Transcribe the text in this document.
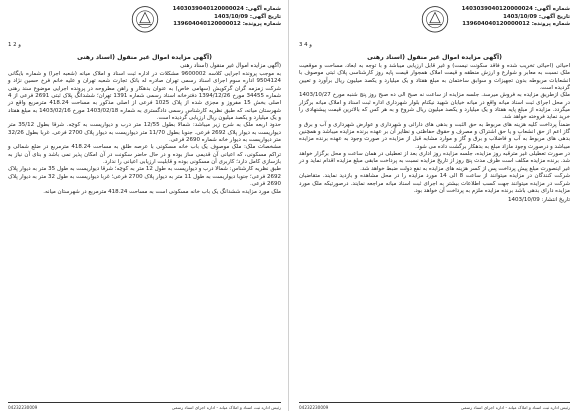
شماره آگهی: 1403039040120000024
تاریخ آگهی: 1403/10/09
شماره پرونده: 139604040120000012
3 و 4
(آگهی مزایده اموال غیر منقول (اسناد رهنی

احیائی (احیائی تخریب شده و فاقد سکونت نیست) و غیر قابل ارزیابی میباشد و با توجه به ابعاد، مساحت و موقعیت ملک نسبت به معابر و شوارع و ارزش منطقه و قیمت املاک همجوار قیمت پایه روز کارشناسی پلاک ثبتی موصوف با انشعابات مربوطه بدون تجهیزات و سوابق ساختمان به مبلغ هفتاد و یک میلیارد و یکصد میلیون ریال برآورد و تعیین گردیده است.

ملک ازطریق مزایده به فروش میرسد. جلسه مزایده از ساعت نه صبح الی ده صبح روز پنج شنبه مورخ 1403/10/27 در محل اجرای ثبت اسناد میانه واقع در میانه خیابان شهید نیکنام بلوار شهرداری اداره ثبت اسناد و املاک میانه برگزار میگردد. مزایده از مبلغ پایه هفتاد و یک میلیارد و یکصد میلیون ریال شروع و به هر کس که بالاترین قیمت پیشنهادی را خرید نماید فروخته خواهد شد.

ضمناً پرداخت کلیه هزینه های مربوط به حق الثبت و بدهی های دارائی و شهرداری و عوارض شهرداری و آب و برق و گاز اعم از حق انشعاب و یا حق اشتراک و مصرف و حقوق حفاظتی و نظایر آن بر عهده برنده مزایده میباشد و همچنین بدهی های مربوط به آب و فاضلاب و برق و گاز و موارد مشابه قبل از مزایده در صورت وجود به عهده برنده مزایده میباشد و درصورت وجود مازاد مبلغ به بدهکار برگشت داده می شود.

در صورت تعطیلی غیر مترقبه روز مزایده، جلسه مزایده روز اداری بعد از تعطیلی در همان ساعت و محل برگزار خواهد شد. برنده مزایده مکلف است ظرف مدت پنج روز از تاریخ مزایده نسبت به پرداخت مابقی مبلغ مزایده اقدام نماید و در غیر اینصورت مبلغ پیش پرداخت پس از کسر هزینه های مزایده به نفع دولت ضبط خواهد شد.

شرکت کنندگان در مزایده میتوانند از ساعت 8 الی 14 مورد مزایده را در محل مشاهده و بازدید نمایند. متقاضیان شرکت در مزایده میتوانند جهت کسب اطلاعات بیشتر به اجرای ثبت اسناد میانه مراجعه نمایند. درصورتیکه ملک مورد مزایده دارای بدهی باشد برنده مزایده ملزم به پرداخت آن خواهد بود.

تاریخ انتشار: 1403/10/09
رئیس اداره ثبت اسناد و املاک میانه - اداره اجرای اسناد رسمی
04232230009
شماره آگهی: 1403039040120000024
تاریخ آگهی: 1403/10/09
شماره پرونده: 139604040120000012
1 و 2
(آگهی مزایده اموال غیر منقول (اسناد رهنی
(آگهی مزایده اموال غیر منقول (اسناد رهنی

به موجب پرونده اجرایی کلاسه 9600002 مشکلات در اداره ثبت اسناد و املاک میانه (شعبه اجرا) و شماره بایگانی 9504124 اداره سوم اجرای اسناد رسمی تهران صادره له بانک تجارت شعبه تهران و علیه خانم فرخ حسین نژاد و شرکت زمزمه گران گرکویش (سهامی خاص) به عنوان بدهکار و راهن مطروحه در پرونده اجرایی موضوع سند رهنی شماره 34455 مورخ 1394/12/26 دفترخانه اسناد رسمی شماره 1391 تهران؛ ششدانگ پلاک ثبتی 2691 فرعی از 4 اصلی بخش 15 مفروز و مجزی شده از پلاک 1025 فرعی از اصلی مذکور به مساحت 418.24 مترمربع واقع در شهرستان میانه، که طبق نظریه کارشناس رسمی دادگستری به شماره 1403/02/18 مورخ 1403/02/16 به مبلغ هفتاد و یک میلیارد و یکصد میلیون ریال ارزیابی گردیده است.

حدود اربعه ملک به شرح زیر میباشد: شمالا بطول 12/55 متر درب و دیواریست به کوچه. شرقا بطول 35/12 متر دیواریست به دیوار پلاک 2692 فرعی. جنوبا بطول 11/70 متر دیواریست به دیوار پلاک 2700 فرعی. غربا بطول 32/26 متر دیواریست به دیوار خانه شماره 2690 فرعی.

مشخصات ملک: ملک موصوف یک باب خانه مسکونی با عرصه طلق به مساحت 418.24 مترمربع در ضلع شمالی و تراکم مسکونی، که اعیانی آن قدیمی ساز بوده و در حال حاضر سکونت در آن امکان پذیر نمی باشد و بنای آن نیاز به بازسازی کامل دارد؛ کاربری آن مسکونی بوده و قابلیت ارزیابی اعیانی را ندارد.

طبق نظریه کارشناس: شمالا درب و دیواریست به طول 12 متر به کوچه؛ شرقا دیواریست به طول 35 متر به دیوار پلاک 2692 فرعی؛ جنوبا دیواریست به طول 11 متر به دیوار پلاک 2700 فرعی؛ غربا دیواریست به طول 32 متر به دیوار پلاک 2690 فرعی.

ملک مورد مزایده ششدانگ یک باب خانه مسکونی است به مساحت 418.24 مترمربع در شهرستان میانه.

رئیس اداره ثبت اسناد و املاک میانه - اداره اجرای اسناد رسمی
04232230009
